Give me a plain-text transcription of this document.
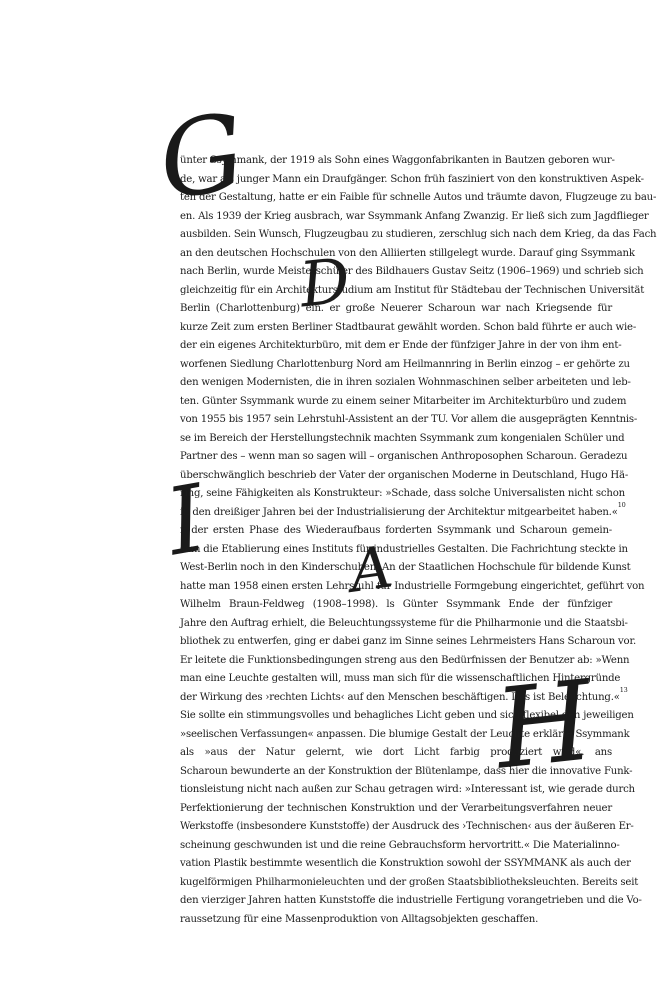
G
D
I A
H
ünter Ssymmank, der 1919 als Sohn eines Waggonfabrikanten in Bautzen geboren wur-
de, war als junger Mann ein Draufgänger. Schon früh fasziniert von den konstruktiven Aspek-
ten der Gestaltung, hatte er ein Faible für schnelle Autos und träumte davon, Flugzeuge zu bau-
en. Als 1939 der Krieg ausbrach, war Ssymmank Anfang Zwanzig. Er ließ sich zum Jagdflieger
ausbilden. Sein Wunsch, Flugzeugbau zu studieren, zerschlug sich nach dem Krieg, da das Fach
an den deutschen Hochschulen von den Alliierten stillgelegt wurde. Darauf ging Ssymmank
nach Berlin, wurde Meisterschüler des Bildhauers Gustav Seitz (1906–1969) und schrieb sich
gleichzeitig für ein Architekturstudium am Institut für Städtebau der Technischen Universität
Berlin (Charlottenburg) ein. er große Neuerer Scharoun war nach Kriegsende für
kurze Zeit zum ersten Berliner Stadtbaurat gewählt worden. Schon bald führte er auch wie-
der ein eigenes Architekturbüro, mit dem er Ende der fünfziger Jahre in der von ihm ent-
worfenen Siedlung Charlottenburg Nord am Heilmannring in Berlin einzog – er gehörte zu
den wenigen Modernisten, die in ihren sozialen Wohnmaschinen selber arbeiteten und leb-
ten. Günter Ssymmank wurde zu einem seiner Mitarbeiter im Architekturbüro und zudem
von 1955 bis 1957 sein Lehrstuhl-Assistent an der TU. Vor allem die ausgeprägten Kenntnis-
se im Bereich der Herstellungstechnik machten Ssymmank zum kongenialen Schüler und
Partner des – wenn man so sagen will – organischen Anthroposophen Scharoun. Geradezu
überschwänglich beschrieb der Vater der organischen Moderne in Deutschland, Hugo Hä-
ring, seine Fähigkeiten als Konstrukteur: »Schade, dass solche Universalisten nicht schon
in den dreißiger Jahren bei der Industrialisierung der Architektur mitgearbeitet haben.«$^{10}$
n der ersten Phase des Wiederaufbaus forderten Ssymmank und Scharoun gemein-
sam die Etablierung eines Instituts für industrielles Gestalten. Die Fachrichtung steckte in
West-Berlin noch in den Kinderschuhen. An der Staatlichen Hochschule für bildende Kunst
hatte man 1958 einen ersten Lehrstuhl für Industrielle Formgebung eingerichtet, geführt von
Wilhelm Braun-Feldweg (1908–1998). ls Günter Ssymmank Ende der fünfziger
Jahre den Auftrag erhielt, die Beleuchtungssysteme für die Philharmonie und die Staatsbi-
bliothek zu entwerfen, ging er dabei ganz im Sinne seines Lehrmeisters Hans Scharoun vor.
Er leitete die Funktionsbedingungen streng aus den Bedürfnissen der Benutzer ab: »Wenn
man eine Leuchte gestalten will, muss man sich für die wissenschaftlichen Hintergründe
der Wirkung des ›rechten Lichts‹ auf den Menschen beschäftigen. Das ist Beleuchtung.«$^{13}$
Sie sollte ein stimmungsvolles und behagliches Licht geben und sich flexibel den jeweiligen
»seelischen Verfassungen« anpassen. Die blumige Gestalt der Leuchte erklärte Ssymmank
als »aus der Natur gelernt, wie dort Licht farbig produziert wird«. ans
Scharoun bewunderte an der Konstruktion der Blütenlampe, dass hier die innovative Funk-
tionsleistung nicht nach außen zur Schau getragen wird: »Interessant ist, wie gerade durch
Perfektionierung der technischen Konstruktion und der Verarbeitungsverfahren neuer
Werkstoffe (insbesondere Kunststoffe) der Ausdruck des ›Technischen‹ aus der äußeren Er-
scheinung geschwunden ist und die reine Gebrauchsform hervortritt.« Die Materialinno-
vation Plastik bestimmte wesentlich die Konstruktion sowohl der SSYMMANK als auch der
kugelförmigen Philharmonieleuchten und der großen Staatsbibliotheksleuchten. Bereits seit
den vierziger Jahren hatten Kunststoffe die industrielle Fertigung vorangetrieben und die Vo-
raussetzung für eine Massenproduktion von Alltagsobjekten geschaffen.
